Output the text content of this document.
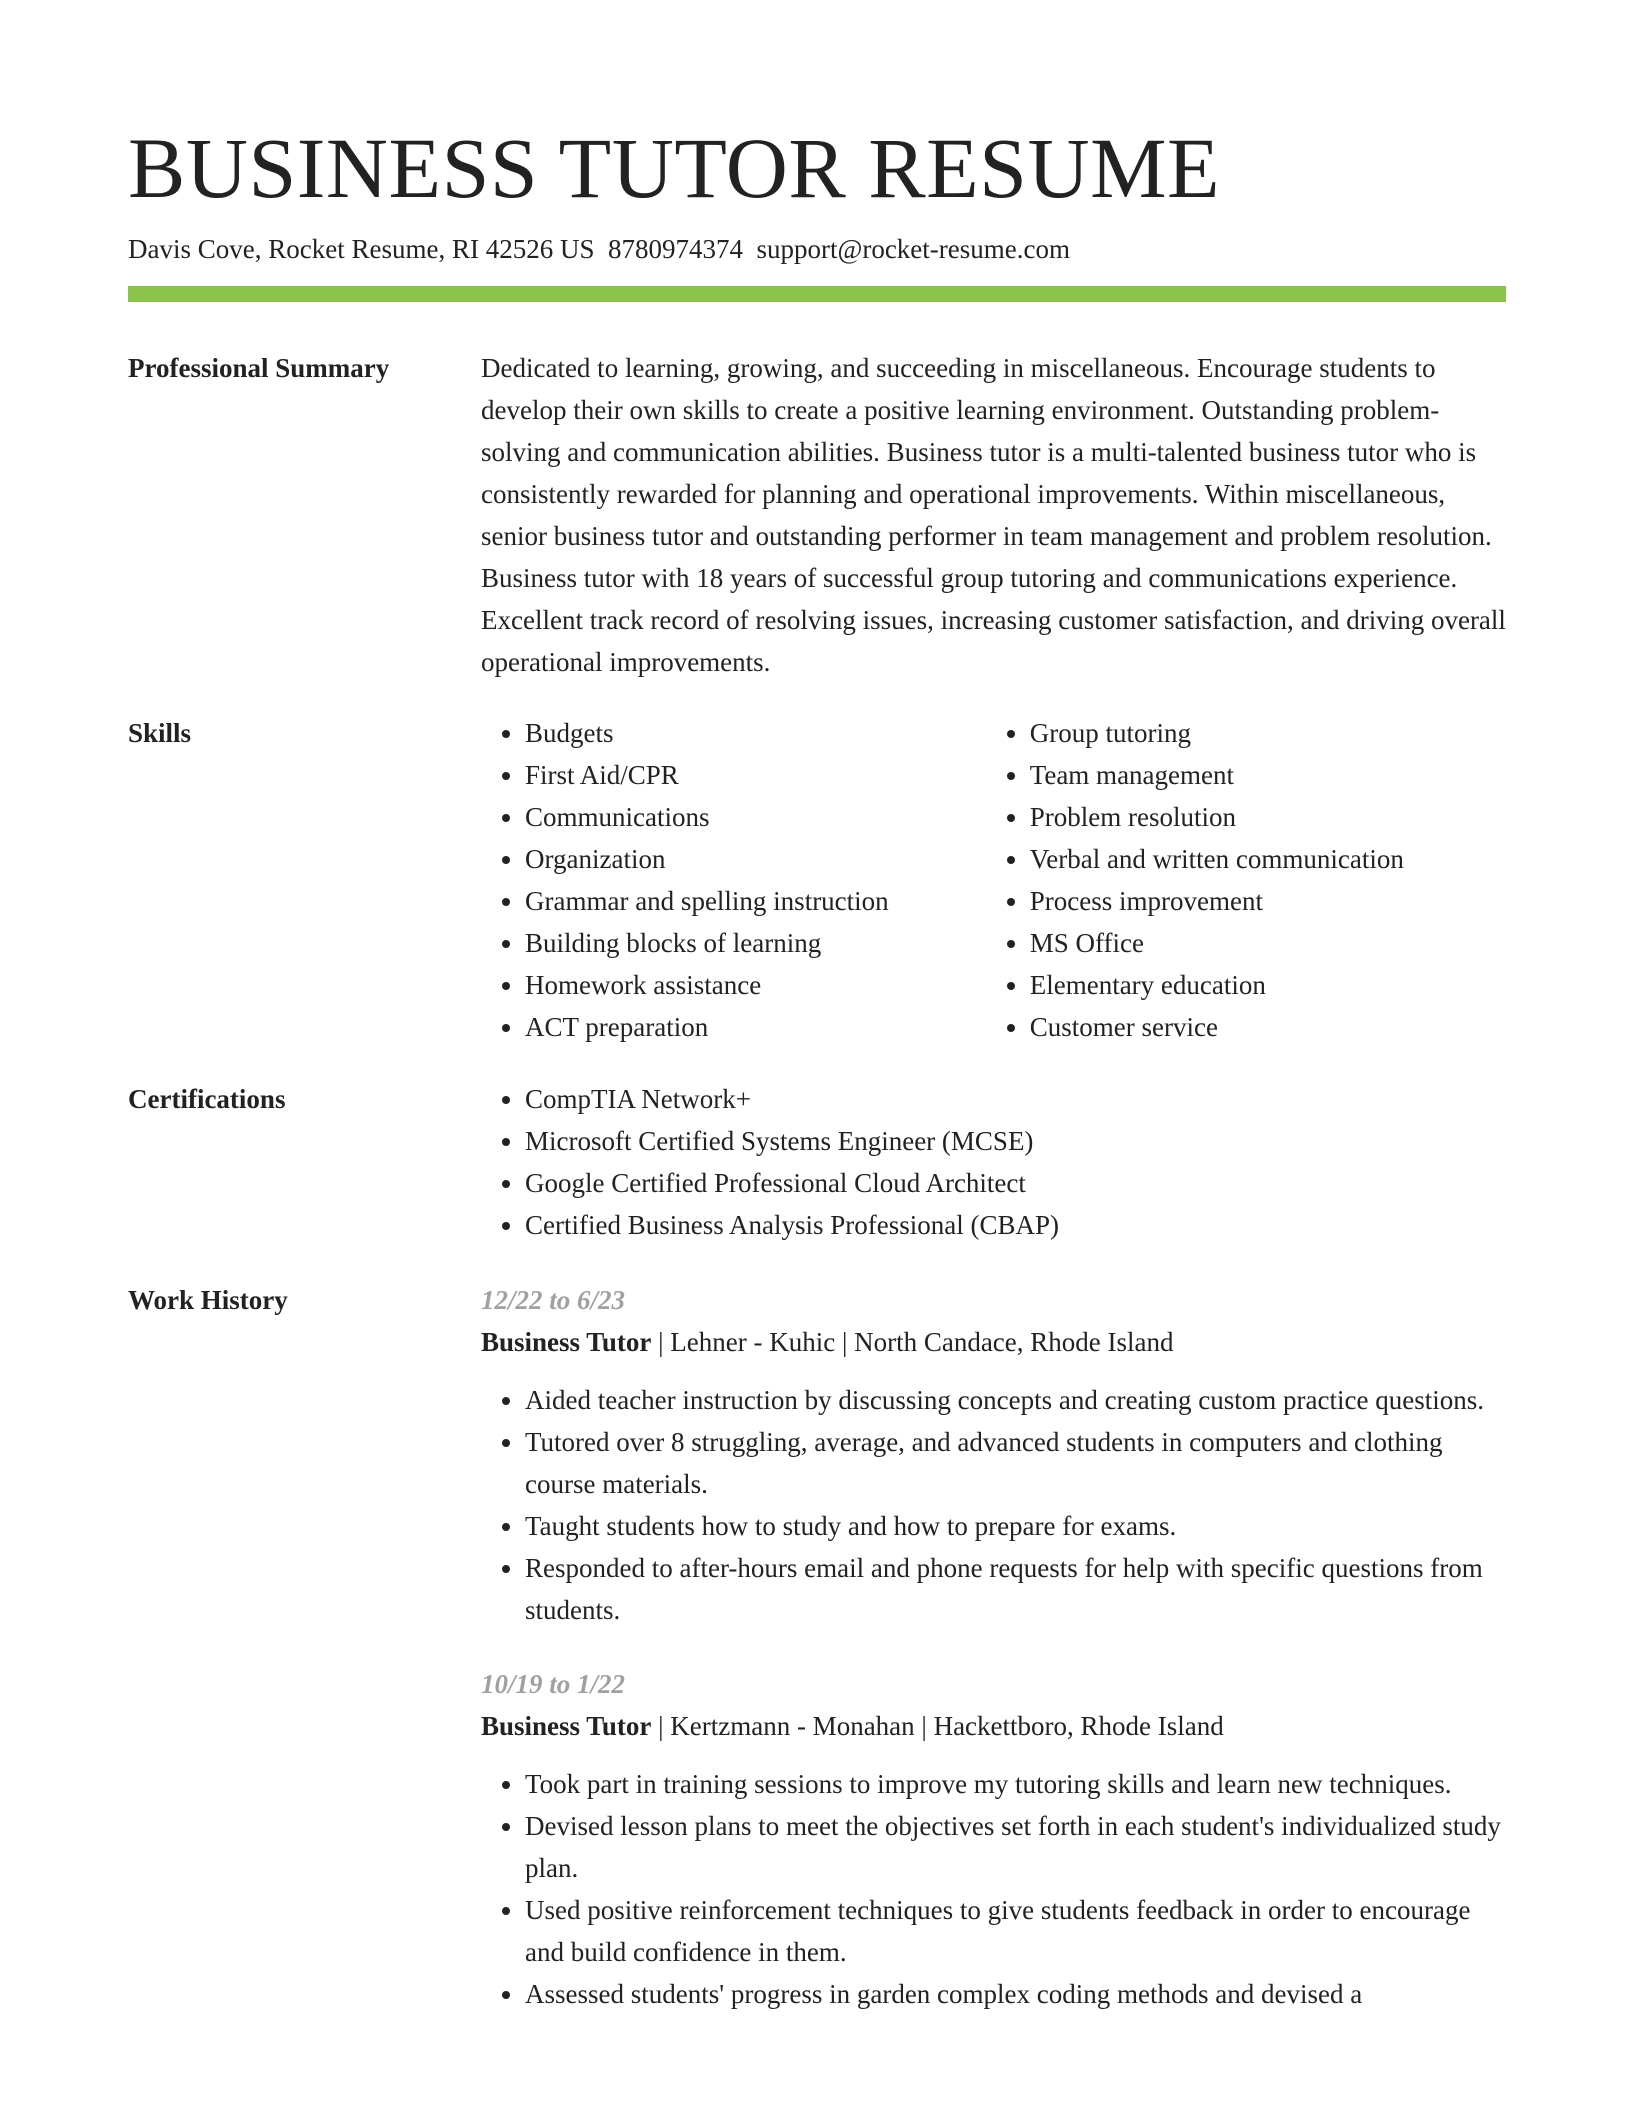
BUSINESS TUTOR RESUME
Davis Cove, Rocket Resume, RI 42526 US 8780974374 support@rocket-resume.com
Professional Summary	Dedicated to learning, growing, and succeeding in miscellaneous. Encourage students to develop their own skills to create a positive learning environment. Outstanding problem-solving and communication abilities. Business tutor is a multi-talented business tutor who is consistently rewarded for planning and operational improvements. Within miscellaneous, senior business tutor and outstanding performer in team management and problem resolution. Business tutor with 18 years of successful group tutoring and communications experience. Excellent track record of resolving issues, increasing customer satisfaction, and driving overall operational improvements.

Skills	• Budgets
• First Aid/CPR
• Communications
• Organization
• Grammar and spelling instruction
• Building blocks of learning
• Homework assistance
• ACT preparation
• Group tutoring
• Team management
• Problem resolution
• Verbal and written communication
• Process improvement
• MS Office
• Elementary education
• Customer service
Certifications	• CompTIA Network+
• Microsoft Certified Systems Engineer (MCSE)
• Google Certified Professional Cloud Architect
• Certified Business Analysis Professional (CBAP)
Work History	12/22 to 6/23
Business Tutor | Lehner - Kuhic | North Candace, Rhode Island
• Aided teacher instruction by discussing concepts and creating custom practice questions.
• Tutored over 8 struggling, average, and advanced students in computers and clothing course materials.
• Taught students how to study and how to prepare for exams.
• Responded to after-hours email and phone requests for help with specific questions from students.
10/19 to 1/22
Business Tutor | Kertzmann - Monahan | Hackettboro, Rhode Island
• Took part in training sessions to improve my tutoring skills and learn new techniques.
• Devised lesson plans to meet the objectives set forth in each student's individualized study plan.
• Used positive reinforcement techniques to give students feedback in order to encourage and build confidence in them.
• Assessed students' progress in garden complex coding methods and devised a
